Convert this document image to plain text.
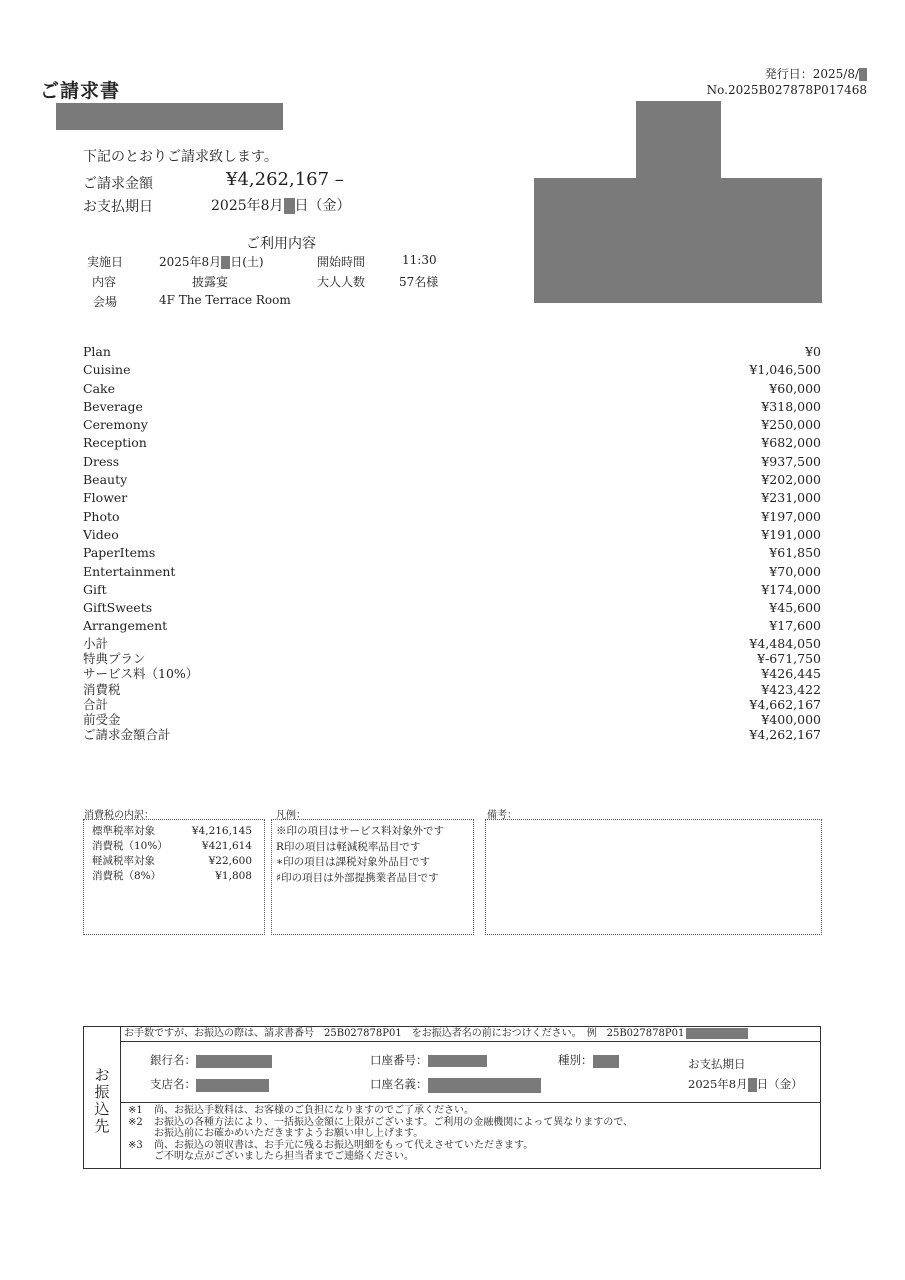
ご請求書
発行日：2025/8/
No.2025B027878P017468
下記のとおりご請求致します。
ご請求金額	¥4,262,167 –
お支払期日	2025年8月 日（金）
ご利用内容
実施日	2025年8月 日(土)	開始時間	11:30
内容	披露宴	大人人数	57名様
会場	4F The Terrace Room
Plan	¥0
Cuisine	¥1,046,500
Cake	¥60,000
Beverage	¥318,000
Ceremony	¥250,000
Reception	¥682,000
Dress	¥937,500
Beauty	¥202,000
Flower	¥231,000
Photo	¥197,000
Video	¥191,000
PaperItems	¥61,850
Entertainment	¥70,000
Gift	¥174,000
GiftSweets	¥45,600
Arrangement	¥17,600
小計	¥4,484,050
特典プラン	¥-671,750
サービス料（10%）	¥426,445
消費税	¥423,422
合計	¥4,662,167
前受金	¥400,000
ご請求金額合計	¥4,262,167
消費税の内訳：	凡例：	備考：
標準税率対象	¥4,216,145
消費税（10%）	¥421,614
軽減税率対象	¥22,600
消費税（8%）	¥1,808
※印の項目はサービス料対象外です
R印の項目は軽減税率品目です
∗印の項目は課税対象外品目です
♯印の項目は外部提携業者品目です
お
振
込
先
お手数ですが、お振込の際は、請求書番号　25B027878P01　をお振込者名の前におつけください。　例　25B027878P01
銀行名：
支店名：
口座番号：
口座名義：
種別：	お支払期日
2025年8月 日（金）
※1	尚、お振込手数料は、お客様のご負担になりますのでご了承ください。
※2	お振込の各種方法により、一括振込金額に上限がございます。ご利用の金融機関によって異なりますので、
お振込前にお確かめいただきますようお願い申し上げます。
※3	尚、お振込の領収書は、お手元に残るお振込明細をもって代えさせていただきます。
ご不明な点がございましたら担当者までご連絡ください。
